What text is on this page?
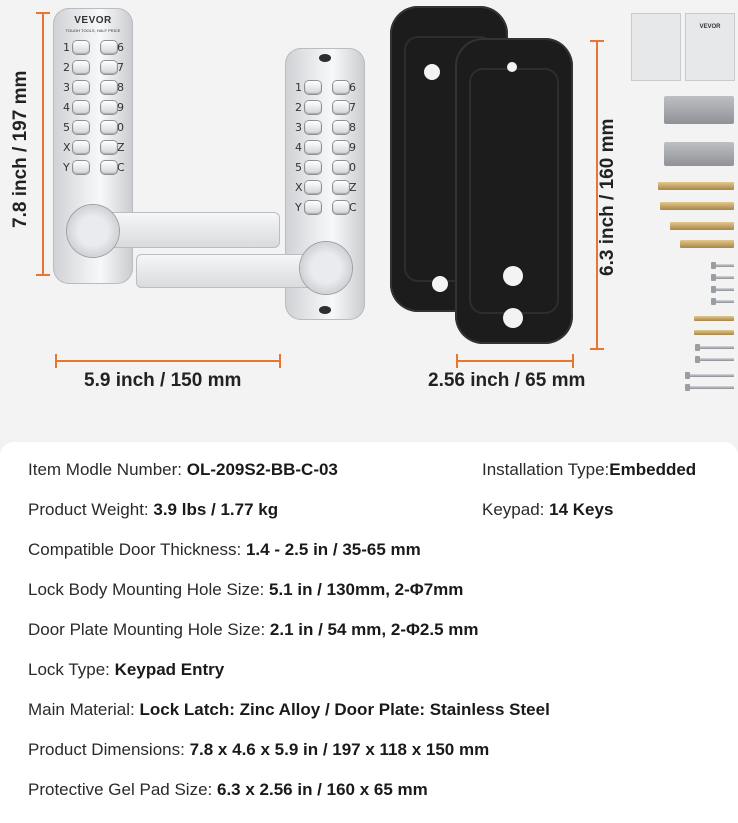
7.8 inch / 197 mm
VEVOR
TOUGH TOOLS, HALF PRICE
1	6
2	7
3	8
4	9
5	0
X	Z
Y	C
1	6
2	7
3	8
4	9
5	0
X	Z
Y	C
5.9 inch / 150 mm
6.3 inch / 160 mm
2.56 inch / 65 mm
VEVOR
Item Modle Number: OL-209S2-BB-C-03	Installation Type:Embedded
Product Weight: 3.9 lbs / 1.77 kg	Keypad: 14 Keys
Compatible Door Thickness: 1.4 - 2.5 in / 35-65 mm
Lock Body Mounting Hole Size: 5.1 in / 130mm, 2-Φ7mm
Door Plate Mounting Hole Size: 2.1 in / 54 mm, 2-Φ2.5 mm
Lock Type: Keypad Entry
Main Material: Lock Latch: Zinc Alloy / Door Plate: Stainless Steel
Product Dimensions: 7.8 x 4.6 x 5.9 in / 197 x 118 x 150 mm
Protective Gel Pad Size: 6.3 x 2.56 in / 160 x 65 mm
